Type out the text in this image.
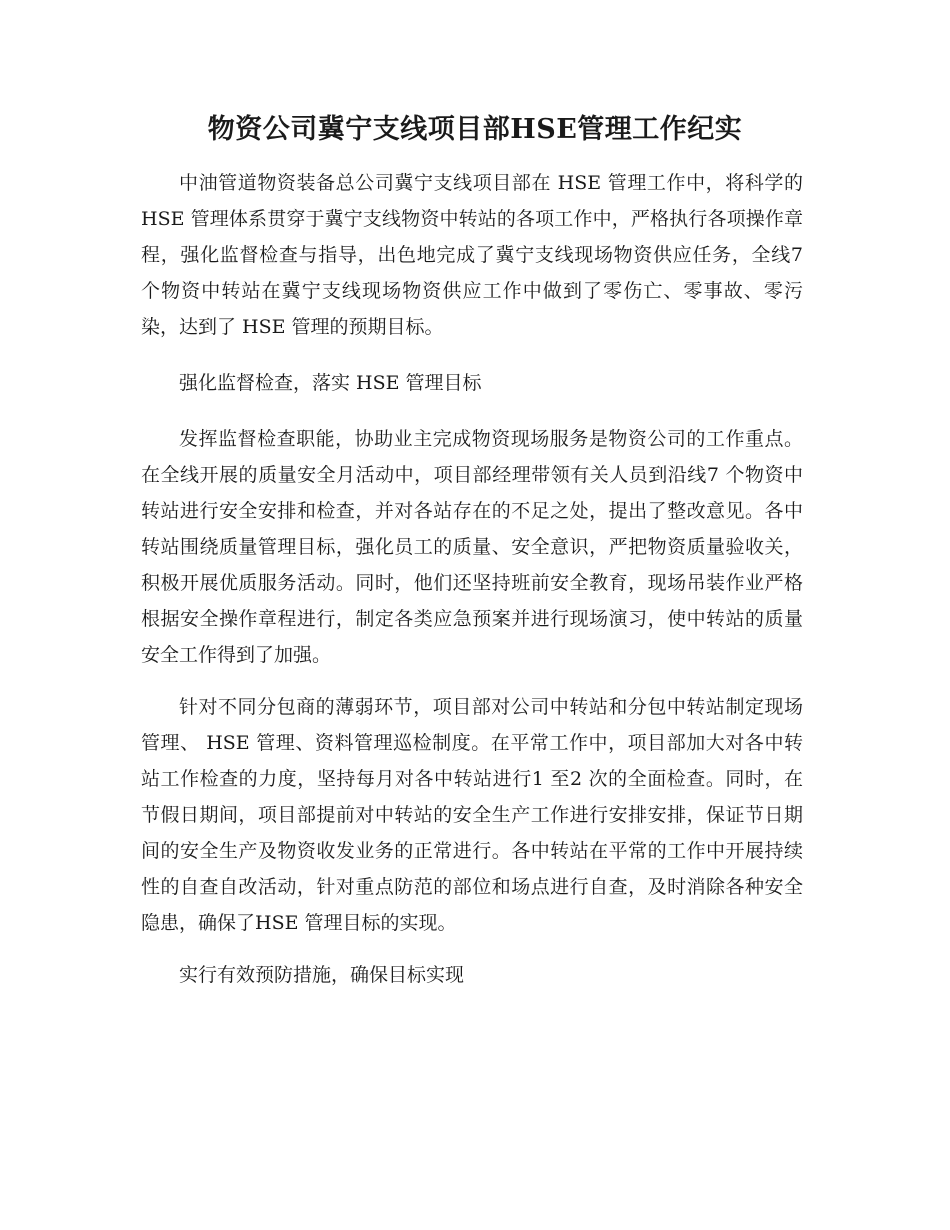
物资公司冀宁支线项目部HSE管理工作纪实

中油管道物资装备总公司冀宁支线项目部在 HSE 管理工作中，将科学的 HSE 管理体系贯穿于冀宁支线物资中转站的各项工作中，严格执行各项操作章程，强化监督检查与指导，出色地完成了冀宁支线现场物资供应任务，全线7 个物资中转站在冀宁支线现场物资供应工作中做到了零伤亡、零事故、零污染，达到了 HSE 管理的预期目标。

强化监督检查，落实 HSE 管理目标

发挥监督检查职能，协助业主完成物资现场服务是物资公司的工作重点。在全线开展的质量安全月活动中，项目部经理带领有关人员到沿线7 个物资中转站进行安全安排和检查，并对各站存在的不足之处，提出了整改意见。各中转站围绕质量管理目标，强化员工的质量、安全意识，严把物资质量验收关，积极开展优质服务活动。同时，他们还坚持班前安全教育，现场吊装作业严格根据安全操作章程进行，制定各类应急预案并进行现场演习，使中转站的质量安全工作得到了加强。

针对不同分包商的薄弱环节，项目部对公司中转站和分包中转站制定现场管理、 HSE 管理、资料管理巡检制度。在平常工作中，项目部加大对各中转站工作检查的力度，坚持每月对各中转站进行1 至2 次的全面检查。同时，在节假日期间，项目部提前对中转站的安全生产工作进行安排安排，保证节日期间的安全生产及物资收发业务的正常进行。各中转站在平常的工作中开展持续性的自查自改活动，针对重点防范的部位和场点进行自查，及时消除各种安全隐患，确保了HSE 管理目标的实现。

实行有效预防措施，确保目标实现
